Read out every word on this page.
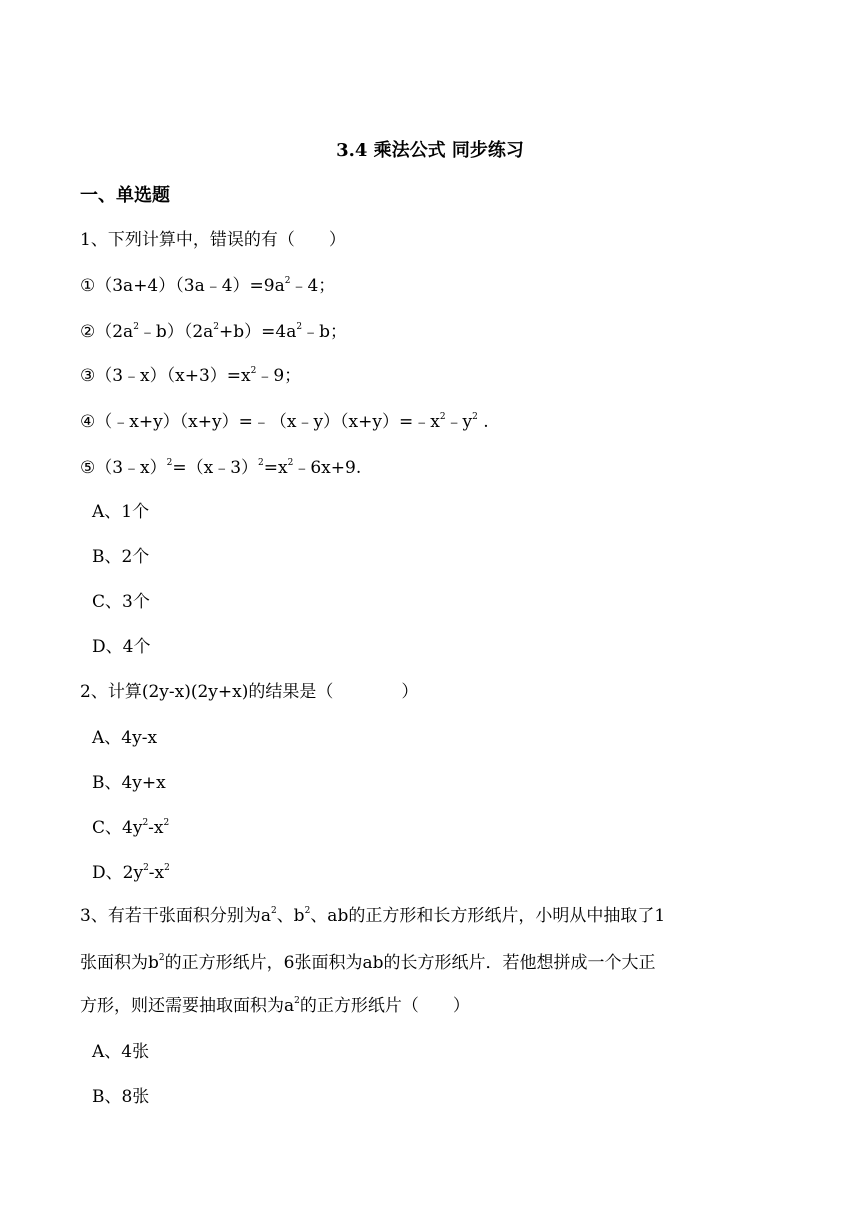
3.4 乘法公式 同步练习
一、单选题
1、下列计算中，错误的有（　　）
$①(3a+4)(3a﹣4)=9a^2﹣4$；
$②(2a^2﹣b)(2a^2+b)=4a^2﹣b$；
$③(3﹣x)(x+3)=x^2﹣9$；
$④(﹣x+y)(x+y)=﹣(x﹣y)(x+y)=﹣x^2﹣y^2$ .
$⑤(3﹣x)^2=(x﹣3)^2=x^2﹣6x+9$.
A、1个
B、2个
C、3个
D、4个
2、计算(2y-x)(2y+x)的结果是（　　　　）
A、4y-x
B、4y+x
C、$4y^2-x^2$
D、$2y^2-x^2$
3、有若干张面积分别为$a^2$、$b^2$、ab的正方形和长方形纸片，小明从中抽取了1
张面积为$b^2$的正方形纸片，6张面积为ab的长方形纸片．若他想拼成一个大正
方形，则还需要抽取面积为$a^2$的正方形纸片（　　）
A、4张
B、8张
